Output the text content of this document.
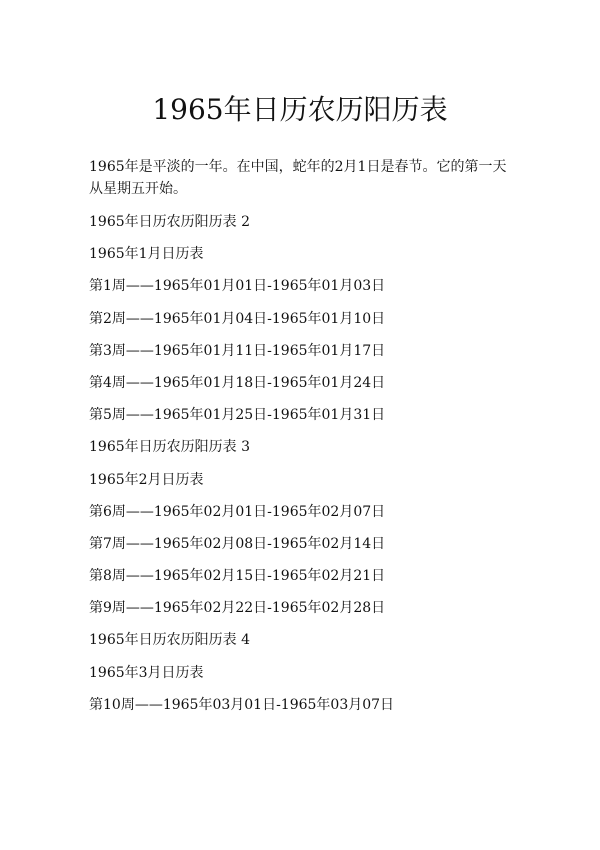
1965年日历农历阳历表

1965年是平淡的一年。在中国，蛇年的2月1日是春节。它的第一天从星期五开始。

1965年日历农历阳历表 2
1965年1月日历表
第1周——1965年01月01日-1965年01月03日
第2周——1965年01月04日-1965年01月10日
第3周——1965年01月11日-1965年01月17日
第4周——1965年01月18日-1965年01月24日
第5周——1965年01月25日-1965年01月31日
1965年日历农历阳历表 3
1965年2月日历表
第6周——1965年02月01日-1965年02月07日
第7周——1965年02月08日-1965年02月14日
第8周——1965年02月15日-1965年02月21日
第9周——1965年02月22日-1965年02月28日
1965年日历农历阳历表 4
1965年3月日历表
第10周——1965年03月01日-1965年03月07日
